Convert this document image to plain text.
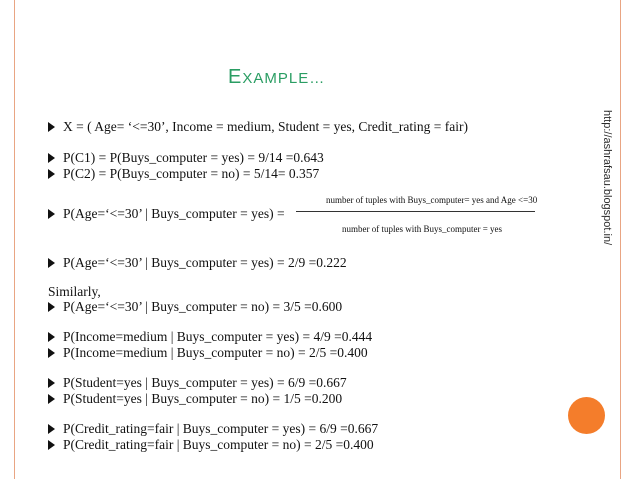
EXAMPLE…
http://ashrafsau.blogspot.in/
X = ( Age= ‘<=30’, Income = medium, Student = yes, Credit_rating = fair)
P(C1) = P(Buys_computer = yes) = 9/14 =0.643
P(C2) = P(Buys_computer = no) = 5/14= 0.357
P(Age=‘<=30’ | Buys_computer = yes) =
number of tuples with Buys_computer= yes and Age <=30
number of tuples with Buys_computer = yes
P(Age=‘<=30’ | Buys_computer = yes) = 2/9 =0.222
Similarly,
P(Age=‘<=30’ | Buys_computer = no) = 3/5 =0.600
P(Income=medium | Buys_computer = yes) = 4/9 =0.444
P(Income=medium | Buys_computer = no) = 2/5 =0.400
P(Student=yes | Buys_computer = yes) = 6/9 =0.667
P(Student=yes | Buys_computer = no) = 1/5 =0.200
P(Credit_rating=fair | Buys_computer = yes) = 6/9 =0.667
P(Credit_rating=fair | Buys_computer = no) = 2/5 =0.400
